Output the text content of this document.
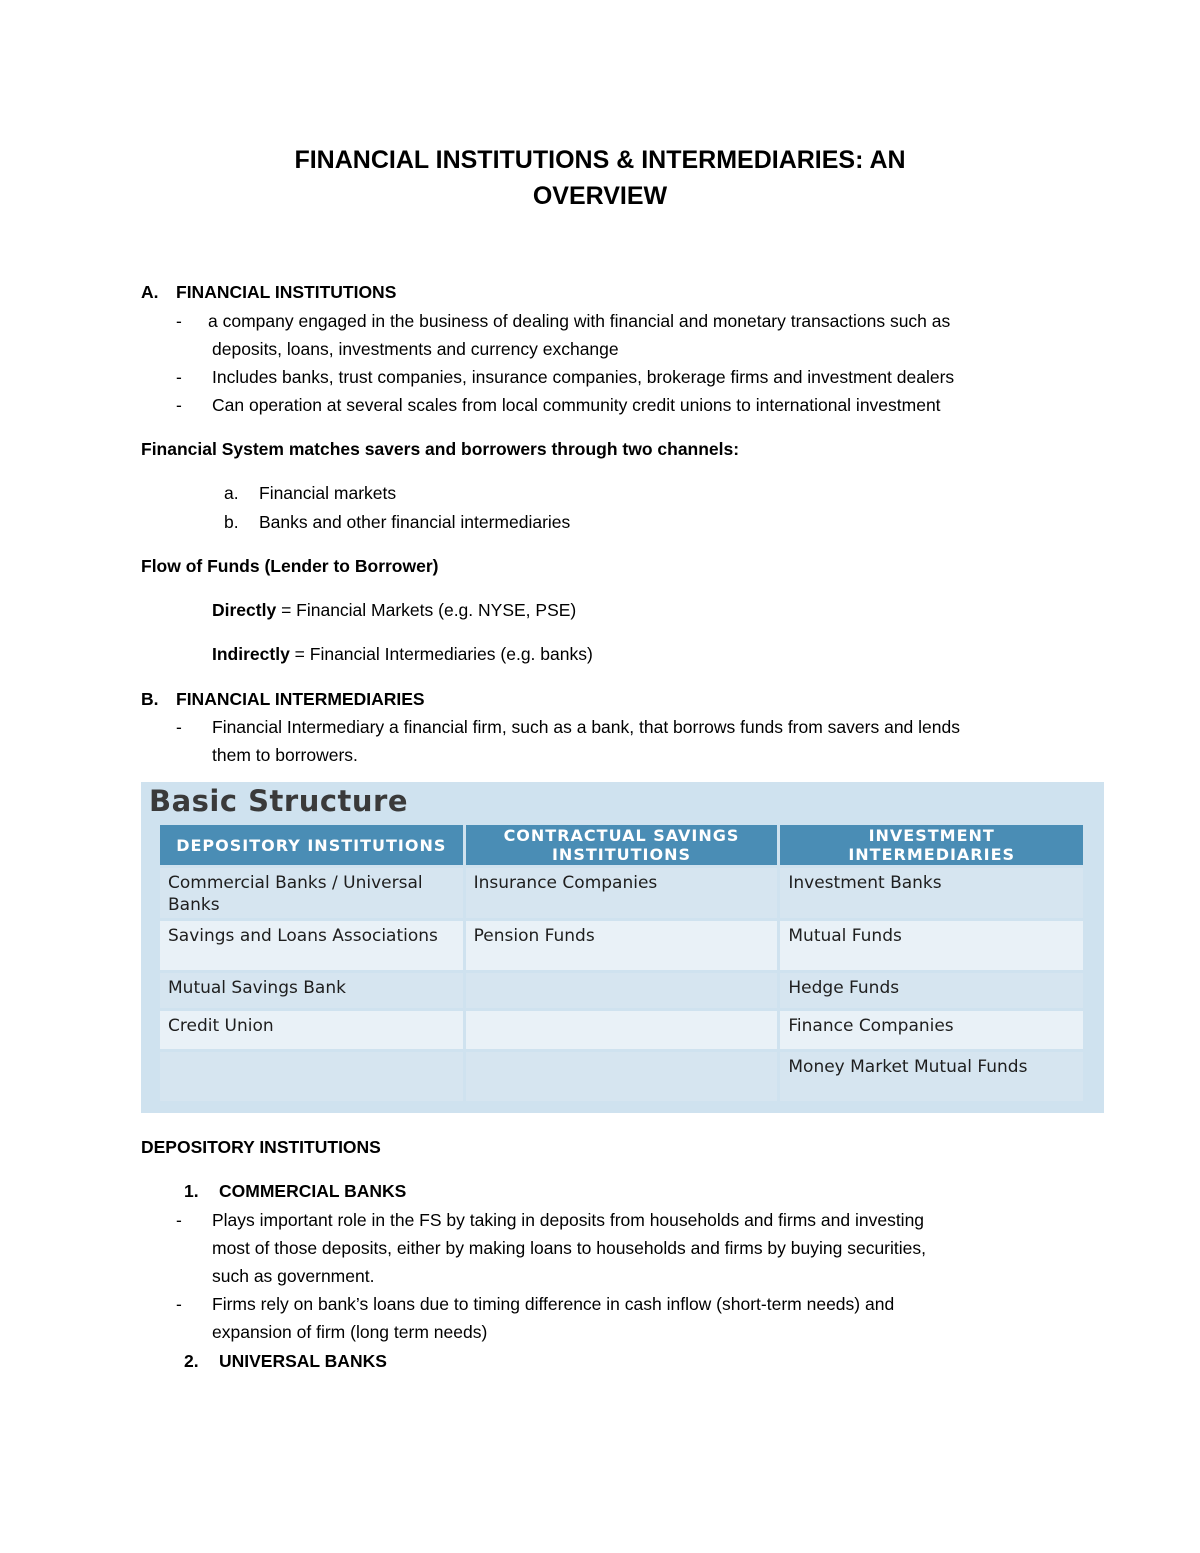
FINANCIAL INSTITUTIONS & INTERMEDIARIES: AN
OVERVIEW
A. FINANCIAL INSTITUTIONS
- a company engaged in the business of dealing with financial and monetary transactions such as
deposits, loans, investments and currency exchange
- Includes banks, trust companies, insurance companies, brokerage firms and investment dealers
- Can operation at several scales from local community credit unions to international investment
Financial System matches savers and borrowers through two channels:
a. Financial markets
b. Banks and other financial intermediaries
Flow of Funds (Lender to Borrower)
Directly = Financial Markets (e.g. NYSE, PSE)
Indirectly = Financial Intermediaries (e.g. banks)
B. FINANCIAL INTERMEDIARIES
- Financial Intermediary a financial firm, such as a bank, that borrows funds from savers and lends
them to borrowers.
Basic Structure
DEPOSITORY INSTITUTIONS	CONTRACTUAL SAVINGS INSTITUTIONS	INVESTMENT INTERMEDIARIES
Commercial Banks / Universal Banks	Insurance Companies	Investment Banks
Savings and Loans Associations	Pension Funds	Mutual Funds
Mutual Savings Bank		Hedge Funds
Credit Union		Finance Companies
		Money Market Mutual Funds
DEPOSITORY INSTITUTIONS
1. COMMERCIAL BANKS
- Plays important role in the FS by taking in deposits from households and firms and investing
most of those deposits, either by making loans to households and firms by buying securities,
such as government.
- Firms rely on bank’s loans due to timing difference in cash inflow (short-term needs) and
expansion of firm (long term needs)
2. UNIVERSAL BANKS
